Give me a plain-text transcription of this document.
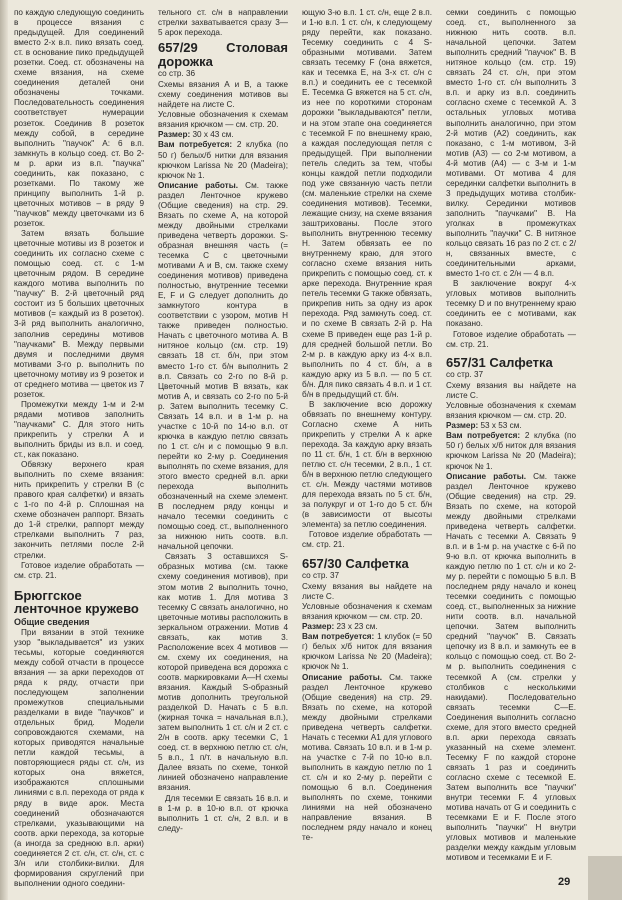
по каждую следующую соединить в процессе вязания с предыдущей. Для соединений вместо 2-х в.п. пико вязать соед. ст. в основание пико предыдущей розетки. Соед. ст. обозначены на схеме вязания, на схеме соединения деталей они обозначены точками. Последовательность соединения соответствует нумерации розеток. Соединив 8 розеток между собой, в середине выполнить "паучок" А: 6 в.п. замкнуть в кольцо соед. ст. Во 2-м р. арки из в.п. "паучка" соединить, как показано, с розетками. По такому же принципу выполнить 1-й р. цветочных мотивов – в ряду 9 "паучков" между цветочками из 6 розеток.

Затем вязать большие цветочные мотивы из 8 розеток и соединить их согласно схеме с помощью соед. ст. с 1-м цветочным рядом. В середине каждого мотива выполнить по "паучку" В. 2-й цветочный ряд состоит из 5 больших цветочных мотивов (= каждый из 8 розеток). 3-й ряд выполнить аналогично, заполнив середины мотивов "паучками" В. Между первыми двумя и последними двумя мотивами 3-го р. выполнить по цветочному мотиву из 9 розеток и от среднего мотива — цветок из 7 розеток.

Промежутки между 1-м и 2-м рядами мотивов заполнить "паучками" С. Для этого нить прикрепить у стрелки А и выполнить бриды из в.п. и соед. ст., как показано.

Обвязку верхнего края выполнить по схеме вязания: нить прикрепить у стрелки В (с правого края салфетки) и вязать с 1-го по 4-й р. Сплошная на схеме обозначен раппорт. Вязать до 1-й стрелки, раппорт между стрелками выполнить 7 раз, закончить петлями после 2-й стрелки.

Готовое изделие обработать — см. стр. 21.

Брюггское ленточное кружево
Общие сведения

При вязании в этой технике узор "выкладывается" из узких тесьмы, которые соединяются между собой отчасти в процессе вязания — за арки переходов от ряда к ряду, отчасти при последующем заполнении промежутков специальными разделками в виде "паучков" и отдельных брид. Модели сопровождаются схемами, на которых приводятся начальные петли каждой тесьмы, а повторяющиеся ряды ст. с/н, из которых она вяжется, изображаются сплошными линиями с в.п. перехода от ряда к ряду в виде арок. Места соединений обозначаются стрелками, указывающими на соотв. арки перехода, за которые (а иногда за среднюю в.п. арки) соединяется 2 ст. с/н, ст. с/н, ст. с 3/н или столбики-вилки. Для формирования скруглений при выполнении одного соедини-

тельного ст. с/н в направлении стрелки захватывается сразу 3—5 арок перехода.

657/29 Столовая дорожка
со стр. 36

Схемы вязания А и В, а также схему соединения мотивов вы найдете на листе С.

Условные обозначения к схемам вязания крючком — см. стр. 20.

Размер: 30 x 43 см.

Вам потребуется: 2 клубка (по 50 г) белых/б нитки для вязания крючком Larissa № 20 (Madeira); крючок № 1.

Описание работы. См. также раздел Ленточное кружево (Общие сведения) на стр. 29. Вязать по схеме А, на которой между двойными стрелками приведена четверть дорожки. S-образная внешняя часть (= тесемка С с цветочными мотивами А и В, см. также схему соединения мотивов) приведена полностью, внутренние тесемки Е, F и G следует дополнить до замкнутого контура в соответствии с узором, мотив Н также приведен полностью. Начать с цветочного мотива А. В нитяное кольцо (см. стр. 19) связать 18 ст. б/н, при этом вместо 1-го ст. б/н выполнить 2 в.п. Связать со 2-го по 8-й р. Цветочный мотив В вязать, как мотив А, и связать со 2-го по 5-й р. Затем выполнить тесемку С. Связать 14 в.п. и в 1-м р. на участке с 10-й по 14-ю в.п. от крючка в каждую петлю связать по 1 ст. с/н и с помощью 9 в.п. перейти ко 2-му р. Соединения выполнять по схеме вязания, для этого вместо средней в.п. арки перехода выполнить обозначенный на схеме элемент. В последнем ряду концы и начало тесемки соединить с помощью соед. ст., выполненного за нижнюю нить соотв. в.п. начальной цепочки.

Связать 3 оставшихся S-образных мотива (см. также схему соединения мотивов), при этом мотив 2 выполнить точно, как мотив 1. Для мотива 3 тесемку С связать аналогично, но цветочные мотивы расположить в зеркальном отражении. Мотив 4 связать, как мотив 3. Расположение всех 4 мотивов — см. схему их соединения, на которой приведена вся дорожка с соотв. маркировками А—Н схемы вязания. Каждый S-образный мотив дополнить треугольной разделкой D. Начать с 5 в.п. (жирная точка = начальная в.п.), затем выполнить 1 ст. с/н и 2 ст. с 2/н в соотв. арку тесемки С, 1 соед. ст. в верхнюю петлю ст. с/н, 5 в.п., 1 п/т. в начальную в.п. Далее вязать по схеме, тонкой линией обозначено направление вязания.

Для тесемки Е связать 16 в.п. и в 1-м р. в 10-ю в.п. от крючка выполнить 1 ст. с/н, 2 в.п. и в следу-

ющую 3-ю в.п. 1 ст. с/н, еще 2 в.п. и 1-ю в.п. 1 ст. с/н, к следующему ряду перейти, как показано. Тесемку соединить с 4 S-образными мотивами. Затем связать тесемку F (она вяжется, как и тесемка Е, на 3-х ст. с/н с в.п.) и соединить ее с тесемкой Е. Тесемка G вяжется на 5 ст. с/н, из нее по короткими сторонам дорожки "выкладываются" петли, и на этом этапе она соединяется с тесемкой F по внешнему краю, а каждая последующая петля с предыдущей. При выполнении петель следить за тем, чтобы концы каждой петли подходили под уже связанную часть петли (см. маленькие стрелки на схеме соединения мотивов). Тесемки, лежащие снизу, на схеме вязания заштрихованы. После этого выполнить внутреннюю тесемку Н. Затем обвязать ее по внутреннему краю, для этого согласно схеме вязания нить прикрепить с помощью соед. ст. к арке перехода. Внутренние края петель тесемки G также обвязать, прикрепив нить за одну из арок перехода. Ряд замкнуть соед. ст. и по схеме В связать 2-й р. На схеме В приведен еще раз 1-й р. для средней большой петли. Во 2-м р. в каждую арку из 4-х в.п. выполнить по 4 ст. б/н, а в каждую арку из 5 в.п. — по 5 ст. б/н. Для пико связать 4 в.п. и 1 ст. б/н в предыдущий ст. б/н.

В заключение всю дорожку обвязать по внешнему контуру. Согласно схеме А нить прикрепить у стрелки А к арке перехода. За каждую арку вязать по 11 ст. б/н, 1 ст. б/н в верхнюю петлю ст. с/н тесемки, 2 в.п., 1 ст. б/н в верхнюю петлю следующего ст. с/н. Между частями мотивов для перехода вязать по 5 ст. б/н, за полукруг и от 1-го до 5 ст. б/н (в зависимости от высоты элемента) за петлю соединения.

Готовое изделие обработать — см. стр. 21.

657/30 Салфетка
со стр. 37

Схему вязания вы найдете на листе С.

Условные обозначения к схемам вязания крючком — см. стр. 20.

Размер: 23 x 23 см.

Вам потребуется: 1 клубок (= 50 г) белых х/б ниток для вязания крючком Larissa № 20 (Madeira); крючок № 1.

Описание работы. См. также раздел Ленточное кружево (Общие сведения) на стр. 29. Вязать по схеме, на которой между двойными стрелками приведена четверть салфетки. Начать с тесемки А1 для углового мотива. Связать 10 в.п. и в 1-м р. на участке с 7-й по 10-ю в.п. выполнить в каждую петлю по 1 ст. с/н и ко 2-му р. перейти с помощью 6 в.п. Соединения выполнять по схеме, тонкими линиями на ней обозначено направление вязания. В последнем ряду начало и конец те-

семки соединить с помощью соед. ст., выполненного за нижнюю нить соотв. в.п. начальной цепочки. Затем выполнить средний "паучок" В. В нитяное кольцо (см. стр. 19) связать 24 ст. с/н, при этом вместо 1-го ст. с/н выполнить 3 в.п. и арку из в.п. соединить согласно схеме с тесемкой А. 3 остальных угловых мотива выполнить аналогично, при этом 2-й мотив (А2) соединить, как показано, с 1-м мотивом, 3-й мотив (А3) — со 2-м мотивом, а 4-й мотив (А4) — с 3-м и 1-м мотивами. От мотива 4 для серединки салфетки выполнить в 3 предыдущих мотива столбик-вилку. Серединки мотивов заполнить "паучками" В. На уголках в промежутках выполнить "паучки" С. В нитяное кольцо связать 16 раз по 2 ст. с 2/н, связанных вместе, с соединительными арками, вместо 1-го ст. с 2/н — 4 в.п.

В заключение вокруг 4-х угловых мотивов выполнить тесемку D и по внутреннему краю соединить ее с мотивами, как показано.

Готовое изделие обработать — см. стр. 21.

657/31 Салфетка
со стр. 37

Схему вязания вы найдете на листе С.

Условные обозначения к схемам вязания крючком — см. стр. 20.

Размер: 53 x 53 см.

Вам потребуется: 2 клубка (по 50 г) белых х/б ниток для вязания крючком Larissa № 20 (Madeira); крючок № 1.

Описание работы. См. также раздел Ленточное кружево (Общие сведения) на стр. 29. Вязать по схеме, на которой между двойными стрелками приведена четверть салфетки. Начать с тесемки А. Связать 9 в.п. и в 1-м р. на участке с 6-й по 9-ю в.п. от крючка выполнить в каждую петлю по 1 ст. с/н и ко 2-му р. перейти с помощью 5 в.п. В последнем ряду начало и конец тесемки соединить с помощью соед. ст., выполненных за нижние нити соотв. в.п. начальной цепочки. Затем выполнить средний "паучок" В. Связать цепочку из 8 в.п. и замкнуть ее в кольцо с помощью соед. ст. Во 2-м р. выполнить соединения с тесемкой А (см. стрелки у столбиков с несколькими накидами). Последовательно связать тесемки С—Е. Соединения выполнить согласно схеме, для этого вместо средней в.п. арки перехода связать указанный на схеме элемент. Тесемку F по каждой стороне связать 1 раз и соединить согласно схеме с тесемкой Е. Затем выполнить все "паучки" внутри тесемки F. 4 угловых мотива начать от G и соединить с тесемками Е и F. После этого выполнить "паучки" Н внутри угловых мотивов и маленькие разделки между каждым угловым мотивом и тесемками Е и F.

29
